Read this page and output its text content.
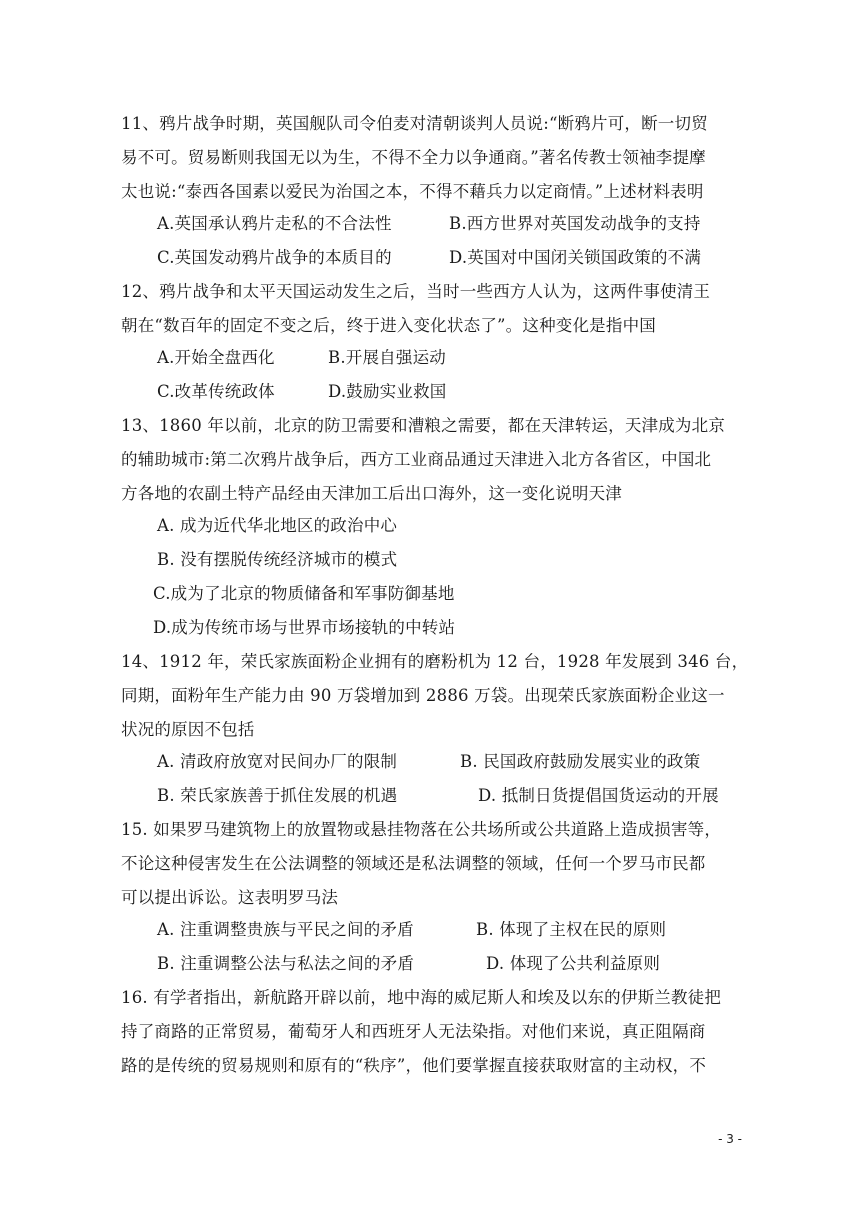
11、鸦片战争时期，英国舰队司令伯麦对清朝谈判人员说:“断鸦片可，断一切贸
易不可。贸易断则我国无以为生，不得不全力以争通商。”著名传教士领袖李提摩
太也说:“泰西各国素以爱民为治国之本，不得不藉兵力以定商情。”上述材料表明
A.英国承认鸦片走私的不合法性	B.西方世界对英国发动战争的支持
C.英国发动鸦片战争的本质目的	D.英国对中国闭关锁国政策的不满
12、鸦片战争和太平天国运动发生之后，当时一些西方人认为，这两件事使清王
朝在“数百年的固定不变之后，终于进入变化状态了”。这种变化是指中国
A.开始全盘西化	B.开展自强运动
C.改革传统政体	D.鼓励实业救国
13、1860 年以前，北京的防卫需要和漕粮之需要，都在天津转运，天津成为北京
的辅助城市:第二次鸦片战争后，西方工业商品通过天津进入北方各省区，中国北
方各地的农副土特产品经由天津加工后出口海外，这一变化说明天津
A. 成为近代华北地区的政治中心
B. 没有摆脱传统经济城市的模式
C.成为了北京的物质储备和军事防御基地
D.成为传统市场与世界市场接轨的中转站
14、1912 年，荣氏家族面粉企业拥有的磨粉机为 12 台，1928 年发展到 346 台，
同期，面粉年生产能力由 90 万袋增加到 2886 万袋。出现荣氏家族面粉企业这一
状况的原因不包括
A. 清政府放宽对民间办厂的限制	B. 民国政府鼓励发展实业的政策
B. 荣氏家族善于抓住发展的机遇	D. 抵制日货提倡国货运动的开展
15. 如果罗马建筑物上的放置物或悬挂物落在公共场所或公共道路上造成损害等，
不论这种侵害发生在公法调整的领域还是私法调整的领域，任何一个罗马市民都
可以提出诉讼。这表明罗马法
A. 注重调整贵族与平民之间的矛盾	B. 体现了主权在民的原则
B. 注重调整公法与私法之间的矛盾	D. 体现了公共利益原则
16. 有学者指出，新航路开辟以前，地中海的威尼斯人和埃及以东的伊斯兰教徒把
持了商路的正常贸易，葡萄牙人和西班牙人无法染指。对他们来说，真正阻隔商
路的是传统的贸易规则和原有的“秩序”，他们要掌握直接获取财富的主动权，不
- 3 -
